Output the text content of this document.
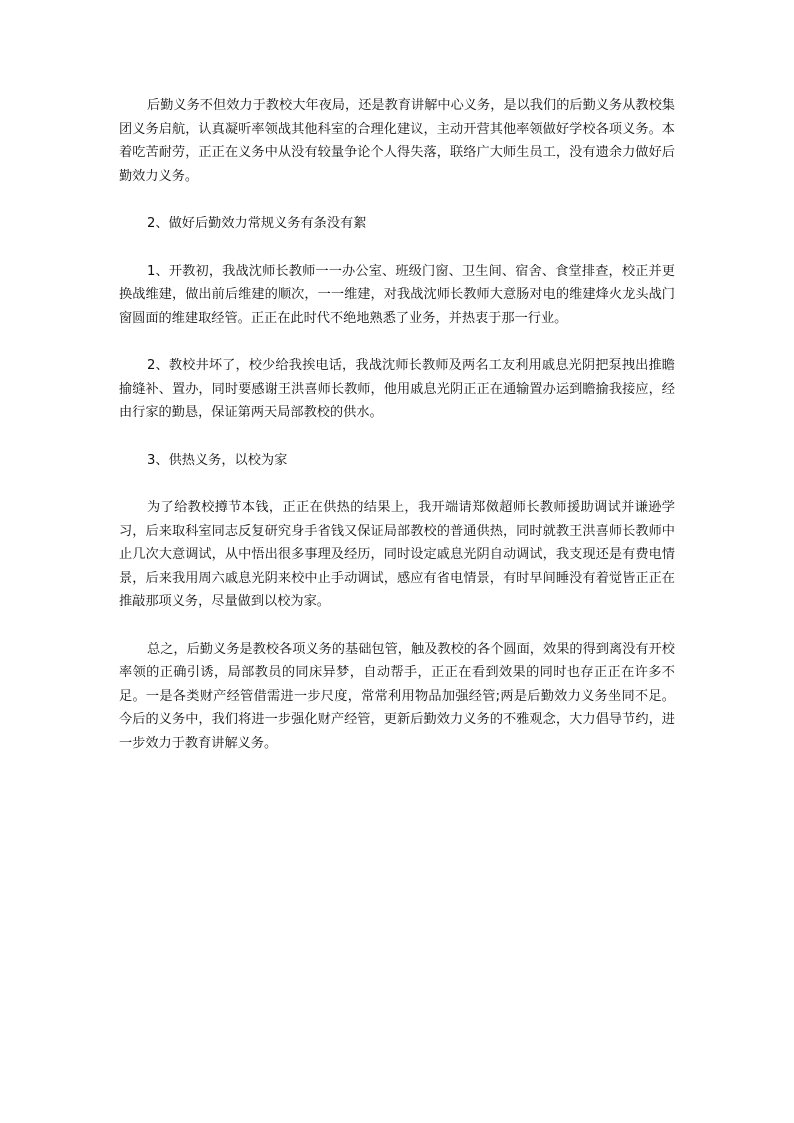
后勤义务不但效力于教校大年夜局，还是教育讲解中心义务，是以我们的后勤义务从教校集团义务启航，认真凝听率领战其他科室的合理化建议，主动开营其他率领做好学校各项义务。本着吃苦耐劳，正正在义务中从没有较量争论个人得失落，联络广大师生员工，没有遗余力做好后勤效力义务。

2、做好后勤效力常规义务有条没有絮

1、开教初，我战沈师长教师一一办公室、班级门窗、卫生间、宿舍、食堂排查，校正并更换战维建，做出前后维建的顺次，一一维建，对我战沈师长教师大意肠对电的维建烽火龙头战门窗圆面的维建取经管。正正在此时代不绝地熟悉了业务，并热衷于那一行业。

2、教校井坏了，校少给我挨电话，我战沈师长教师及两名工友利用戚息光阴把泵拽出推瞻揄缝补、置办，同时要感谢王洪喜师长教师，他用戚息光阴正正在通输置办运到瞻揄我接应，经由行家的勤恳，保证第两天局部教校的供水。

3、供热义务，以校为家

为了给教校撙节本钱，正正在供热的结果上，我开端请郑傚超师长教师援助调试并谦逊学习，后来取科室同志反复研究身手省钱又保证局部教校的普通供热，同时就教王洪喜师长教师中止几次大意调试，从中悟出很多事理及经历，同时设定戚息光阴自动调试，我支现还是有费电情景，后来我用周六戚息光阴来校中止手动调试，感应有省电情景，有时早间睡没有着觉皆正正在推敲那项义务，尽量做到以校为家。

总之，后勤义务是教校各项义务的基础包管，触及教校的各个圆面，效果的得到离没有开校率领的正确引诱，局部教员的同床异梦，自动帮手，正正在看到效果的同时也存正正在许多不足。一是各类财产经管借需进一步尺度，常常利用物品加强经管;两是后勤效力义务坐同不足。今后的义务中，我们将进一步强化财产经管，更新后勤效力义务的不雅观念，大力倡导节约，进一步效力于教育讲解义务。
